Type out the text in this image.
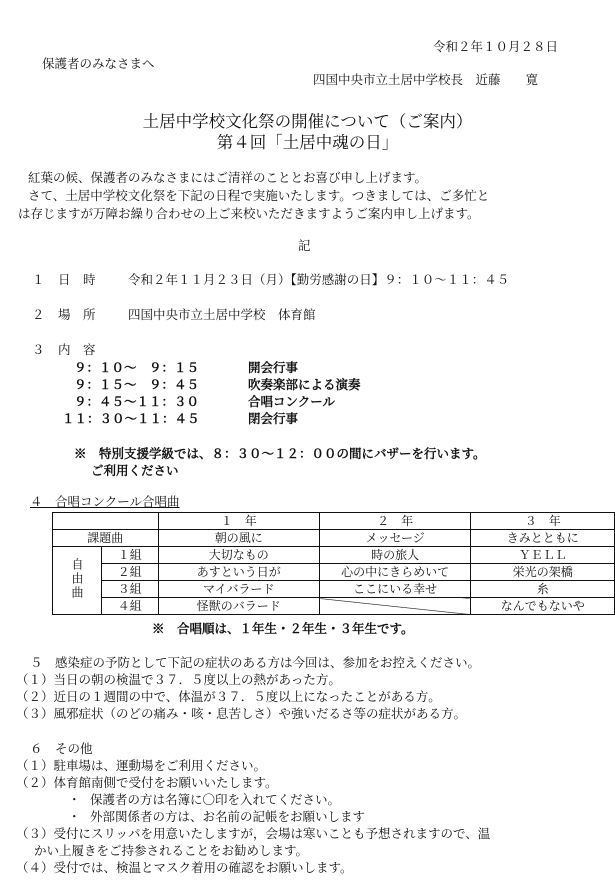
令和２年１０月２８日
保護者のみなさまへ
四国中央市立土居中学校長　近藤　　寛
土居中学校文化祭の開催について（ご案内）
第４回「土居中魂の日」
紅葉の候、保護者のみなさまにはご清祥のこととお喜び申し上げます。
さて、土居中学校文化祭を下記の日程で実施いたします。つきましては、ご多忙と
は存じますが万障お繰り合わせの上ご来校いただきますようご案内申し上げます。
記
１ 日　時	令和２年１１月２３日（月）【勤労感謝の日】９：１０～１１：４５
２ 場　所	四国中央市立土居中学校　体育館
３ 内　容
９：１０～　９：１５	開会行事
９：１５～　９：４５	吹奏楽部による演奏
９：４５～１１：３０	合唱コンクール
１１：３０～１１：４５	閉会行事
※　特別支援学級では、８：３０～１２：００の間にバザーを行います。
ご利用ください
４　合唱コンクール合唱曲
		１　年	２　年	３　年
課題曲		朝の風に	メッセージ	きみとともに
自由曲	１組	大切なもの	時の旅人	ＹＥＬＬ
	２組	あすという日が	心の中にきらめいて	栄光の架橋
	３組	マイバラード	ここにいる幸せ	糸
	４組	怪獣のバラード		なんでもないや
※　合唱順は、１年生・２年生・３年生です。
５　感染症の予防として下記の症状のある方は今回は、参加をお控えください。
（１）当日の朝の検温で３７．５度以上の熱があった方。
（２）近日の１週間の中で、体温が３７．５度以上になったことがある方。
（３）風邪症状（のどの痛み・咳・息苦しさ）や強いだるさ等の症状がある方。
６　その他
（１）駐車場は、運動場をご利用ください。
（２）体育館南側で受付をお願いいたします。
・ 保護者の方は名簿に〇印を入れてください。
・ 外部関係者の方は、お名前の記帳をお願いします
（３）受付にスリッパを用意いたしますが，会場は寒いことも予想されますので、温
かい上履きをご持参されることをお勧めします。
（４）受付では、検温とマスク着用の確認をお願いします。
